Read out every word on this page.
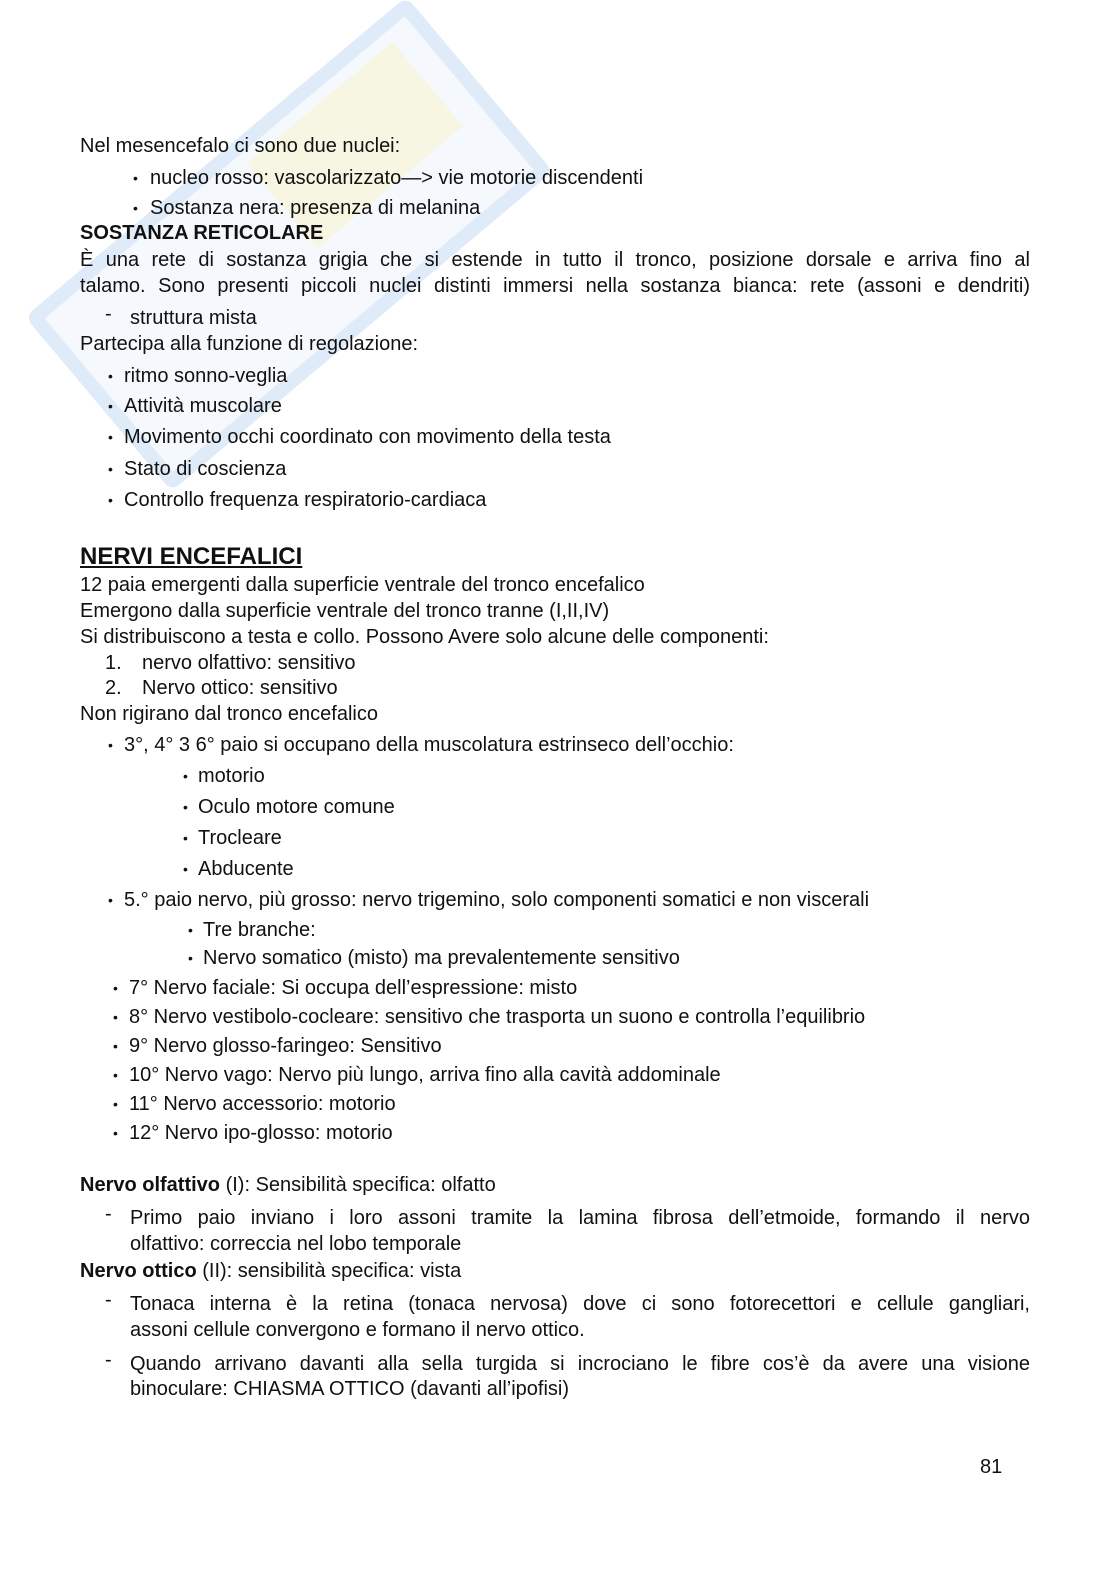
Nel mesencefalo ci sono due nuclei:
• nucleo rosso: vascolarizzato—> vie motorie discendenti
• Sostanza nera: presenza di melanina
SOSTANZA RETICOLARE
È una rete di sostanza grigia che si estende in tutto il tronco, posizione dorsale e arriva fino al
talamo. Sono presenti piccoli nuclei distinti immersi nella sostanza bianca: rete (assoni e dendriti)
- struttura mista
Partecipa alla funzione di regolazione:
• ritmo sonno-veglia
• Attività muscolare
• Movimento occhi coordinato con movimento della testa
• Stato di coscienza
• Controllo frequenza respiratorio-cardiaca
NERVI ENCEFALICI
12 paia emergenti dalla superficie ventrale del tronco encefalico
Emergono dalla superficie ventrale del tronco tranne (I,II,IV)
Si distribuiscono a testa e collo. Possono Avere solo alcune delle componenti:
1. nervo olfattivo: sensitivo
2. Nervo ottico: sensitivo
Non rigirano dal tronco encefalico
• 3°, 4° 3 6° paio si occupano della muscolatura estrinseco dell’occhio:
• motorio
• Oculo motore comune
• Trocleare
• Abducente
• 5.° paio nervo, più grosso: nervo trigemino, solo componenti somatici e non viscerali
• Tre branche:
• Nervo somatico (misto) ma prevalentemente sensitivo
• 7° Nervo faciale: Si occupa dell’espressione: misto
• 8° Nervo vestibolo-cocleare: sensitivo che trasporta un suono e controlla l’equilibrio
• 9° Nervo glosso-faringeo: Sensitivo
• 10° Nervo vago: Nervo più lungo, arriva fino alla cavità addominale
• 11° Nervo accessorio: motorio
• 12° Nervo ipo-glosso: motorio
Nervo olfattivo (I): Sensibilità specifica: olfatto
- Primo paio inviano i loro assoni tramite la lamina fibrosa dell’etmoide, formando il nervo
olfattivo: correccia nel lobo temporale
Nervo ottico (II): sensibilità specifica: vista
- Tonaca interna è la retina (tonaca nervosa) dove ci sono fotorecettori e cellule gangliari,
assoni cellule convergono e formano il nervo ottico.
- Quando arrivano davanti alla sella turgida si incrociano le fibre cos’è da avere una visione
binoculare: CHIASMA OTTICO (davanti all’ipofisi)
81
